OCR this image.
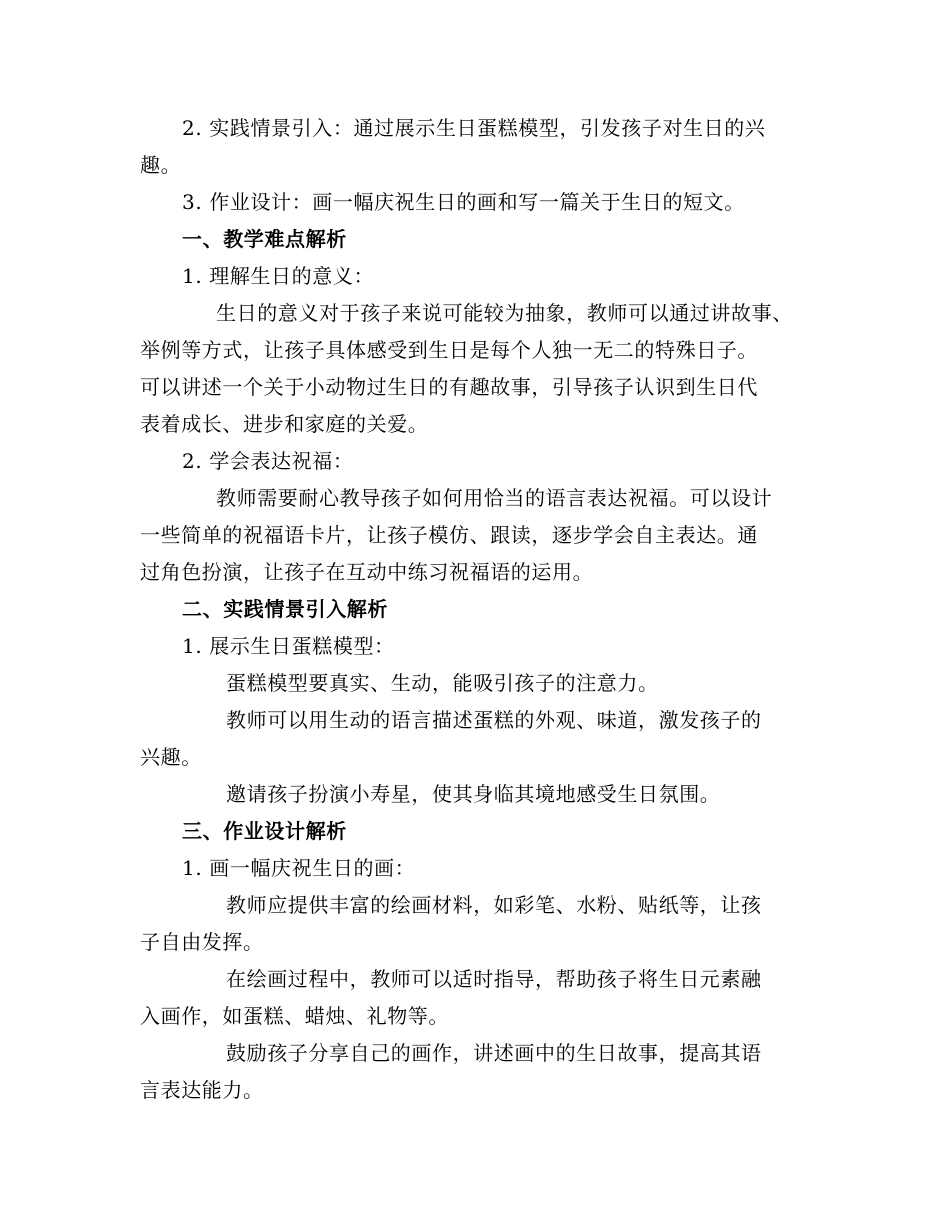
2. 实践情景引入：通过展示生日蛋糕模型，引发孩子对生日的兴
趣。
3. 作业设计：画一幅庆祝生日的画和写一篇关于生日的短文。
一、教学难点解析
1. 理解生日的意义：
生日的意义对于孩子来说可能较为抽象，教师可以通过讲故事、
举例等方式，让孩子具体感受到生日是每个人独一无二的特殊日子。
可以讲述一个关于小动物过生日的有趣故事，引导孩子认识到生日代
表着成长、进步和家庭的关爱。
2. 学会表达祝福：
教师需要耐心教导孩子如何用恰当的语言表达祝福。可以设计
一些简单的祝福语卡片，让孩子模仿、跟读，逐步学会自主表达。通
过角色扮演，让孩子在互动中练习祝福语的运用。
二、实践情景引入解析
1. 展示生日蛋糕模型：
蛋糕模型要真实、生动，能吸引孩子的注意力。
教师可以用生动的语言描述蛋糕的外观、味道，激发孩子的
兴趣。
邀请孩子扮演小寿星，使其身临其境地感受生日氛围。
三、作业设计解析
1. 画一幅庆祝生日的画：
教师应提供丰富的绘画材料，如彩笔、水粉、贴纸等，让孩
子自由发挥。
在绘画过程中，教师可以适时指导，帮助孩子将生日元素融
入画作，如蛋糕、蜡烛、礼物等。
鼓励孩子分享自己的画作，讲述画中的生日故事，提高其语
言表达能力。
